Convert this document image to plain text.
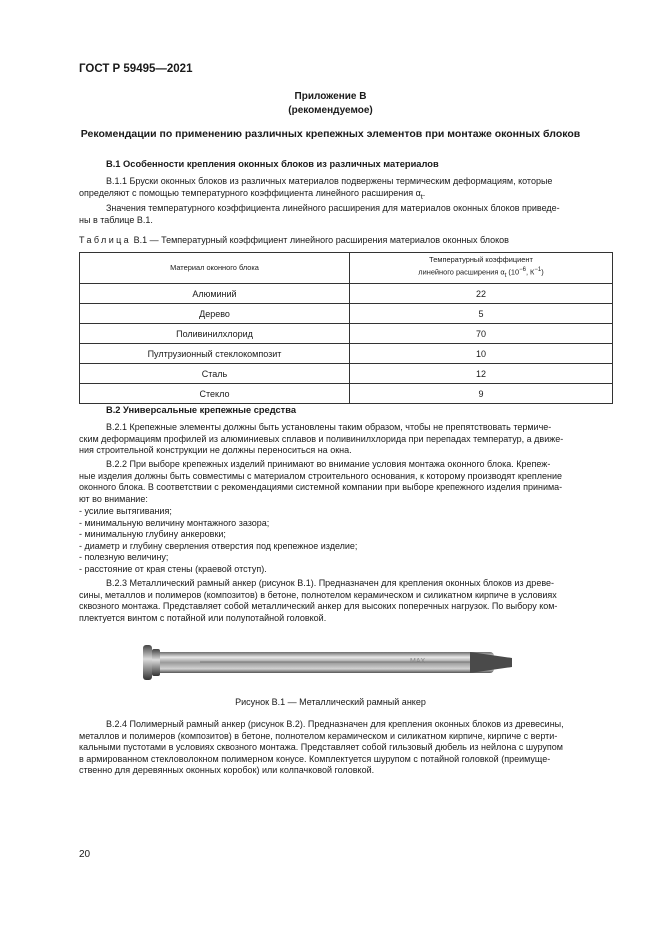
ГОСТ Р 59495—2021
Приложение В
(рекомендуемое)
Рекомендации по применению различных крепежных элементов при монтаже оконных блоков
В.1 Особенности крепления оконных блоков из различных материалов
В.1.1 Бруски оконных блоков из различных материалов подвержены термическим деформациям, которые
определяют с помощью температурного коэффициента линейного расширения $\alpha_t$.
Значения температурного коэффициента линейного расширения для материалов оконных блоков приведе-
ны в таблице В.1.
Таблица В.1 — Температурный коэффициент линейного расширения материалов оконных блоков
Материал оконного блока	Температурный коэффициент
линейного расширения $\alpha_t$ ($10^{-6}$, $К^{-1}$)

Алюминий	22
Дерево	5
Поливинилхлорид	70
Пултрузионный стеклокомпозит	10
Сталь	12
Стекло	9
В.2 Универсальные крепежные средства
В.2.1 Крепежные элементы должны быть установлены таким образом, чтобы не препятствовать термиче-
ским деформациям профилей из алюминиевых сплавов и поливинилхлорида при перепадах температур, а движе-
ния строительной конструкции не должны переноситься на окна.
В.2.2 При выборе крепежных изделий принимают во внимание условия монтажа оконного блока. Крепеж-
ные изделия должны быть совместимы с материалом строительного основания, к которому производят крепление
оконного блока. В соответствии с рекомендациями системной компании при выборе крепежного изделия принима-
ют во внимание:
- усилие вытягивания;
- минимальную величину монтажного зазора;
- минимальную глубину анкеровки;
- диаметр и глубину сверления отверстия под крепежное изделие;
- полезную величину;
- расстояние от края стены (краевой отступ).
В.2.3 Металлический рамный анкер (рисунок В.1). Предназначен для крепления оконных блоков из древе-
сины, металлов и полимеров (композитов) в бетоне, полнотелом керамическом и силикатном кирпиче в условиях
сквозного монтажа. Представляет собой металлический анкер для высоких поперечных нагрузок. По выбору ком-
плектуется винтом с потайной или полупотайной головкой.
MAX
Рисунок В.1 — Металлический рамный анкер
В.2.4 Полимерный рамный анкер (рисунок В.2). Предназначен для крепления оконных блоков из древесины,
металлов и полимеров (композитов) в бетоне, полнотелом керамическом и силикатном кирпиче, кирпиче с верти-
кальными пустотами в условиях сквозного монтажа. Представляет собой гильзовый дюбель из нейлона с шурупом
в армированном стекловолокном полимерном конусе. Комплектуется шурупом с потайной головкой (преимуще-
ственно для деревянных оконных коробок) или колпачковой головкой.
20
